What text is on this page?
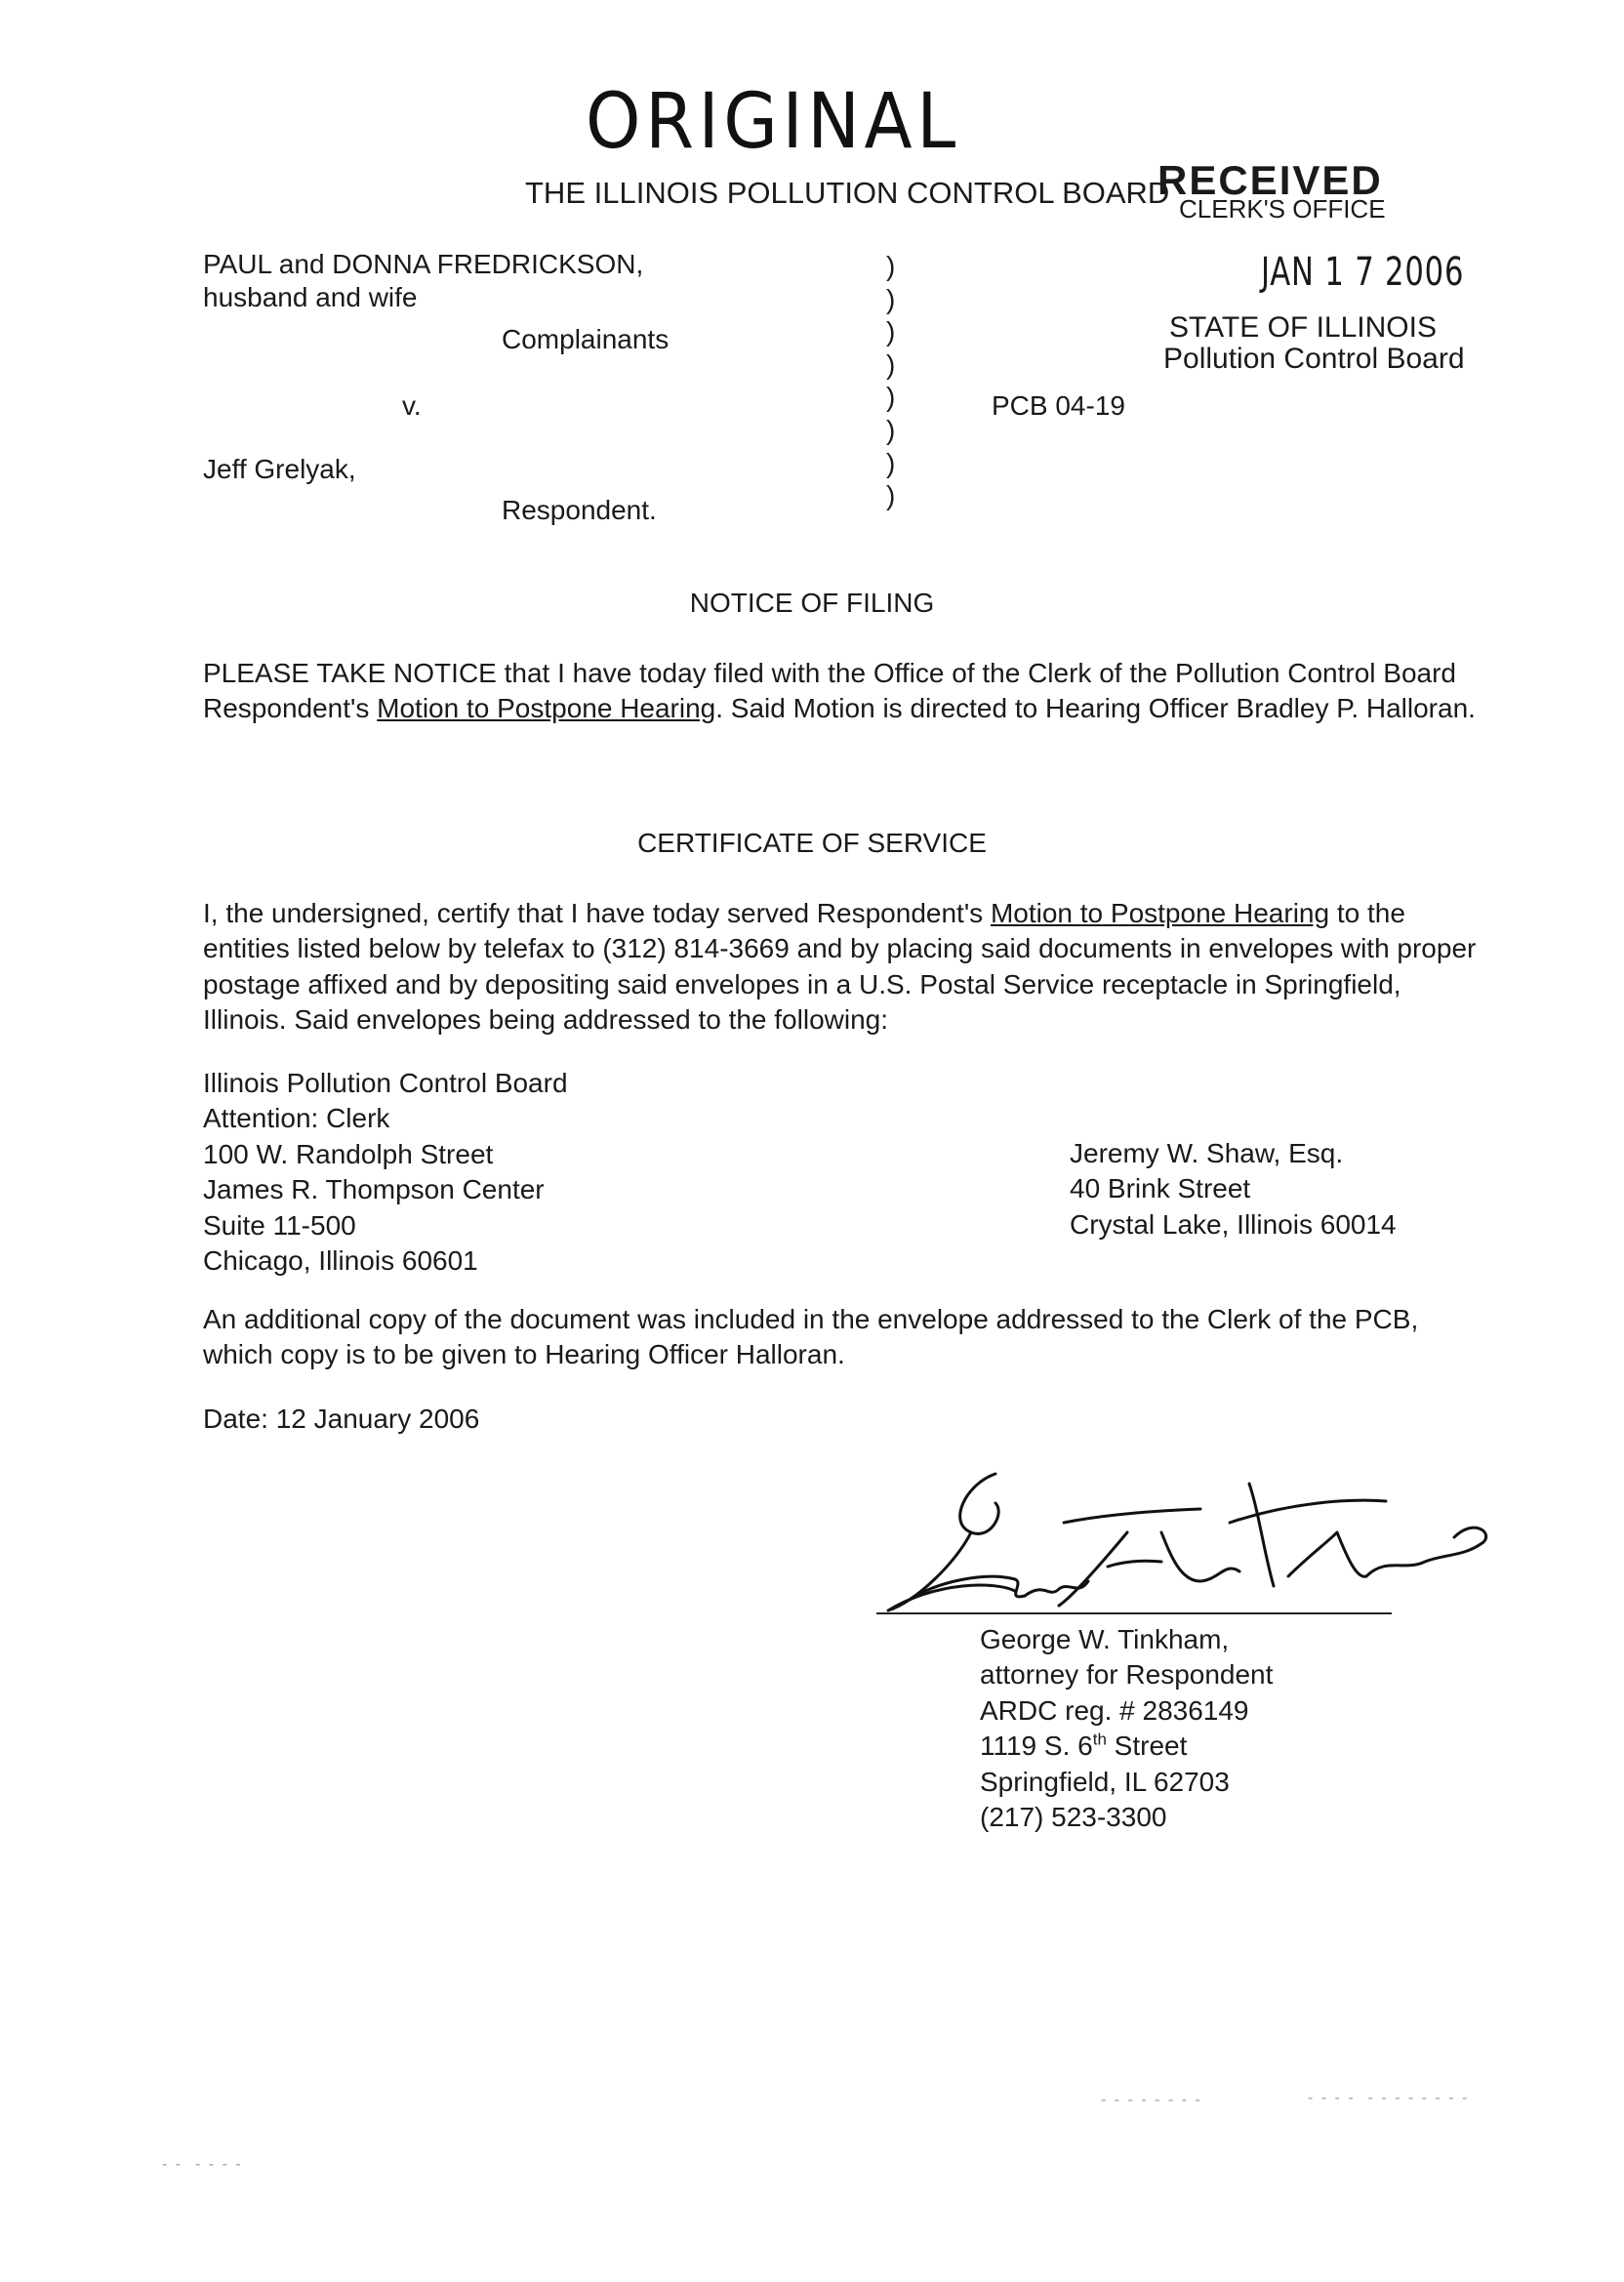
ORIGINAL
THE ILLINOIS POLLUTION CONTROL BOARD
RECEIVED
CLERK'S OFFICE
JAN 1 7 2006
STATE OF ILLINOIS
Pollution Control Board
PCB 04-19
PAUL and DONNA FREDRICKSON,
husband and wife
Complainants
v.
Jeff Grelyak,
Respondent.
)
)
)
)
)
)
)
)
NOTICE OF FILING
PLEASE TAKE NOTICE that I have today filed with the Office of the Clerk of the Pollution Control Board Respondent's Motion to Postpone Hearing. Said Motion is directed to Hearing Officer Bradley P. Halloran.
CERTIFICATE OF SERVICE
I, the undersigned, certify that I have today served Respondent's Motion to Postpone Hearing to the entities listed below by telefax to (312) 814-3669 and by placing said documents in envelopes with proper postage affixed and by depositing said envelopes in a U.S. Postal Service receptacle in Springfield, Illinois. Said envelopes being addressed to the following:
Illinois Pollution Control Board
Attention: Clerk
100 W. Randolph Street
James R. Thompson Center
Suite 11-500
Chicago, Illinois 60601
Jeremy W. Shaw, Esq.
40 Brink Street
Crystal Lake, Illinois 60014
An additional copy of the document was included in the envelope addressed to the Clerk of the PCB, which copy is to be given to Hearing Officer Halloran.
Date: 12 January 2006
George W. Tinkham,
attorney for Respondent
ARDC reg. # 2836149
1119 S. 6th Street
Springfield, IL 62703
(217) 523-3300
- -  - - - -
- - - - - - - -	- - - -  - - - - - - - -
